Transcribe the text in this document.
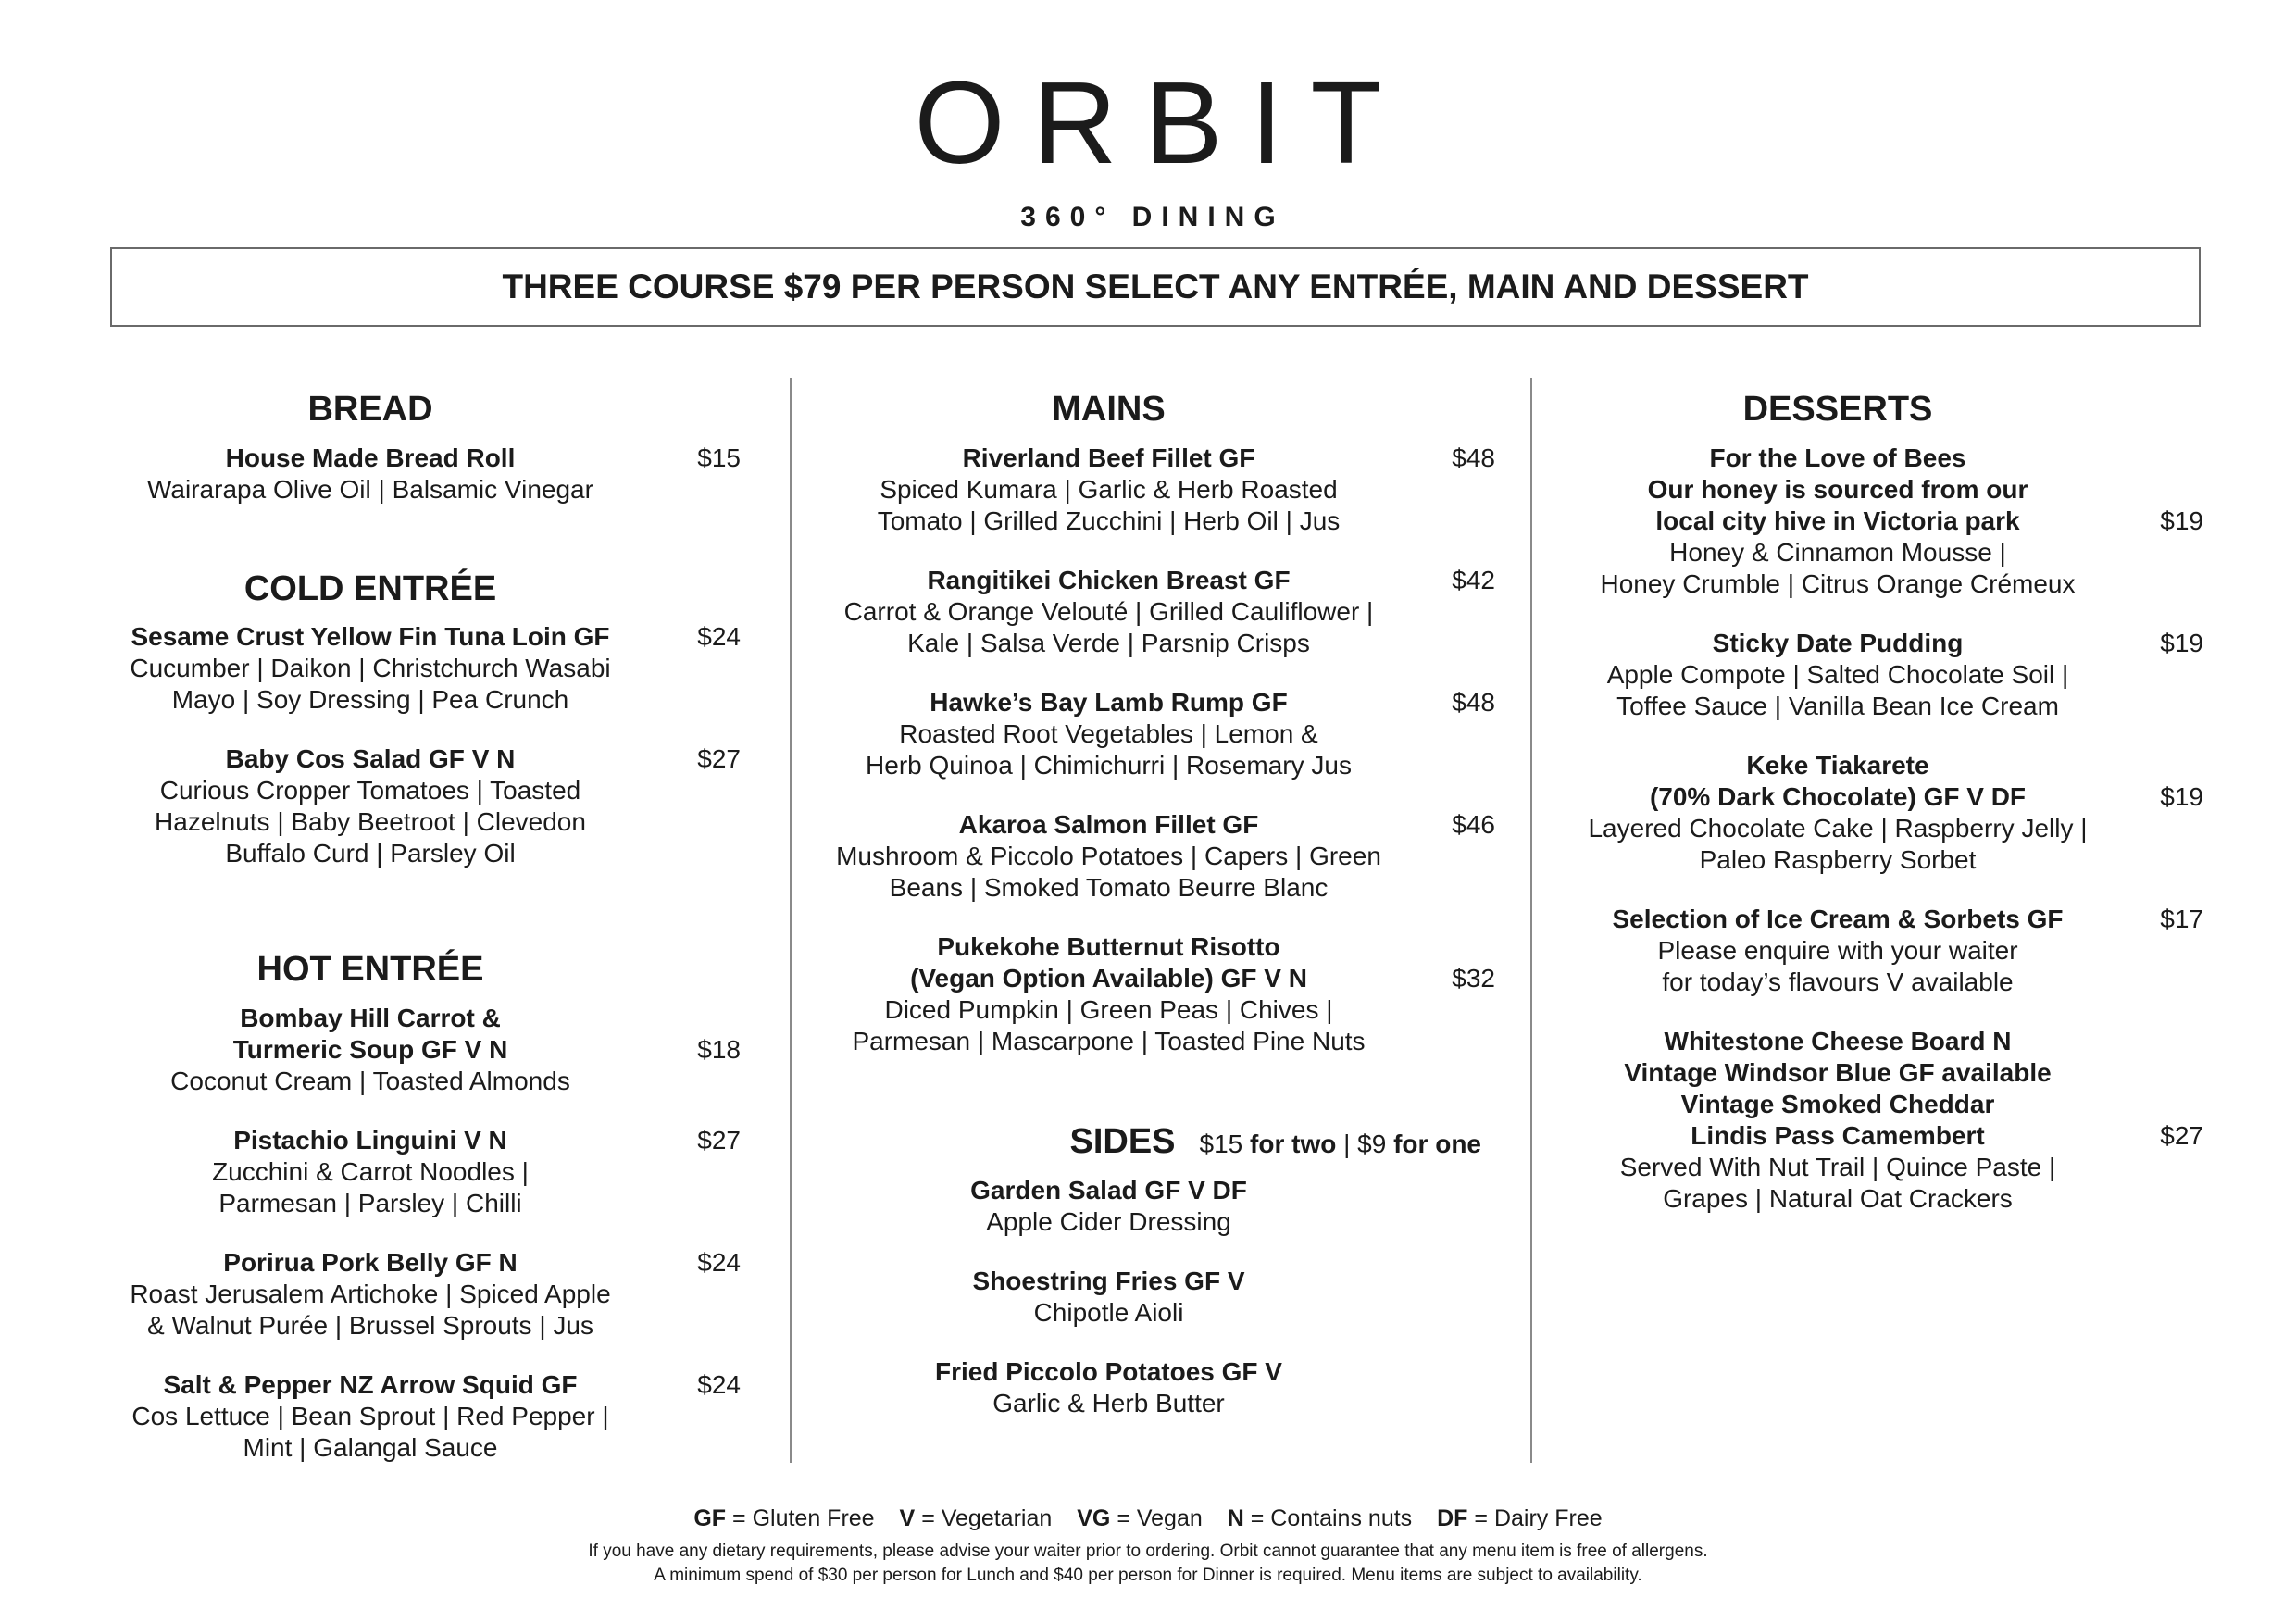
ORBIT
360° DINING
THREE COURSE $79 PER PERSON SELECT ANY ENTRÉE, MAIN AND DESSERT
BREAD
House Made Bread Roll
Wairarapa Olive Oil | Balsamic Vinegar
$15
COLD ENTRÉE
Sesame Crust Yellow Fin Tuna Loin GF
Cucumber | Daikon | Christchurch Wasabi
Mayo | Soy Dressing | Pea Crunch
$24
Baby Cos Salad GF V N
Curious Cropper Tomatoes | Toasted
Hazelnuts | Baby Beetroot | Clevedon
Buffalo Curd | Parsley Oil
$27
HOT ENTRÉE
Bombay Hill Carrot &
Turmeric Soup GF V N
Coconut Cream | Toasted Almonds
$18
Pistachio Linguini V N
Zucchini & Carrot Noodles |
Parmesan | Parsley | Chilli
$27
Porirua Pork Belly GF N
Roast Jerusalem Artichoke | Spiced Apple
& Walnut Purée | Brussel Sprouts | Jus
$24
Salt & Pepper NZ Arrow Squid GF
Cos Lettuce | Bean Sprout | Red Pepper |
Mint | Galangal Sauce
$24
MAINS
Riverland Beef Fillet GF
Spiced Kumara | Garlic & Herb Roasted
Tomato | Grilled Zucchini | Herb Oil | Jus
$48
Rangitikei Chicken Breast GF
Carrot & Orange Velouté | Grilled Cauliflower |
Kale | Salsa Verde | Parsnip Crisps
$42
Hawke’s Bay Lamb Rump GF
Roasted Root Vegetables | Lemon &
Herb Quinoa | Chimichurri | Rosemary Jus
$48
Akaroa Salmon Fillet GF
Mushroom & Piccolo Potatoes | Capers | Green
Beans | Smoked Tomato Beurre Blanc
$46
Pukekohe Butternut Risotto
(Vegan Option Available) GF V N
Diced Pumpkin | Green Peas | Chives |
Parmesan | Mascarpone | Toasted Pine Nuts
$32
SIDES $15 for two | $9 for one
Garden Salad GF V DF
Apple Cider Dressing
Shoestring Fries GF V
Chipotle Aioli
Fried Piccolo Potatoes GF V
Garlic & Herb Butter
DESSERTS
For the Love of Bees
Our honey is sourced from our
local city hive in Victoria park
Honey & Cinnamon Mousse |
Honey Crumble | Citrus Orange Crémeux
$19
Sticky Date Pudding
Apple Compote | Salted Chocolate Soil |
Toffee Sauce | Vanilla Bean Ice Cream
$19
Keke Tiakarete
(70% Dark Chocolate) GF V DF
Layered Chocolate Cake | Raspberry Jelly |
Paleo Raspberry Sorbet
$19
Selection of Ice Cream & Sorbets GF
Please enquire with your waiter
for today’s flavours V available
$17
Whitestone Cheese Board N
Vintage Windsor Blue GF available
Vintage Smoked Cheddar
Lindis Pass Camembert
Served With Nut Trail | Quince Paste |
Grapes | Natural Oat Crackers
$27
GF = Gluten Free V = Vegetarian VG = Vegan N = Contains nuts DF = Dairy Free
If you have any dietary requirements, please advise your waiter prior to ordering. Orbit cannot guarantee that any menu item is free of allergens.
A minimum spend of $30 per person for Lunch and $40 per person for Dinner is required. Menu items are subject to availability.
